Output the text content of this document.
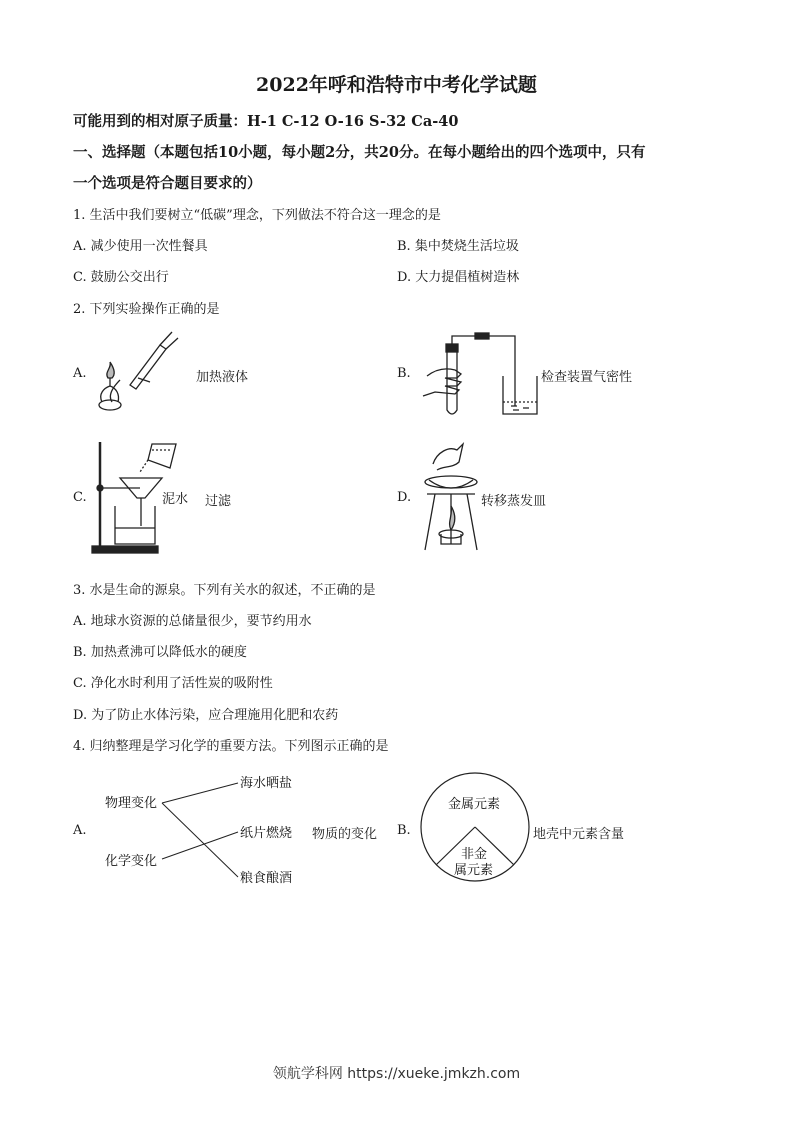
2022年呼和浩特市中考化学试题
可能用到的相对原子质量：H-1 C-12 O-16 S-32 Ca-40
一、选择题（本题包括10小题，每小题2分，共20分。在每小题给出的四个选项中，只有
一个选项是符合题目要求的）
1. 生活中我们要树立“低碳”理念，下列做法不符合这一理念的是
A. 减少使用一次性餐具	B. 集中焚烧生活垃圾
C. 鼓励公交出行	D. 大力提倡植树造林
2. 下列实验操作正确的是
A.	加热液体	B.	检查装置气密性
C.	泥水 过滤	D.	转移蒸发皿
3. 水是生命的源泉。下列有关水的叙述，不正确的是
A. 地球水资源的总储量很少，要节约用水
B. 加热煮沸可以降低水的硬度
C. 净化水时利用了活性炭的吸附性
D. 为了防止水体污染，应合理施用化肥和农药
4. 归纳整理是学习化学的重要方法。下列图示正确的是
A.
物理变化
化学变化
海水晒盐
纸片燃烧
粮食酿酒
物质的变化 B.
金属元素
非金
属元素
地壳中元素含量
领航学科网 https://xueke.jmkzh.com
